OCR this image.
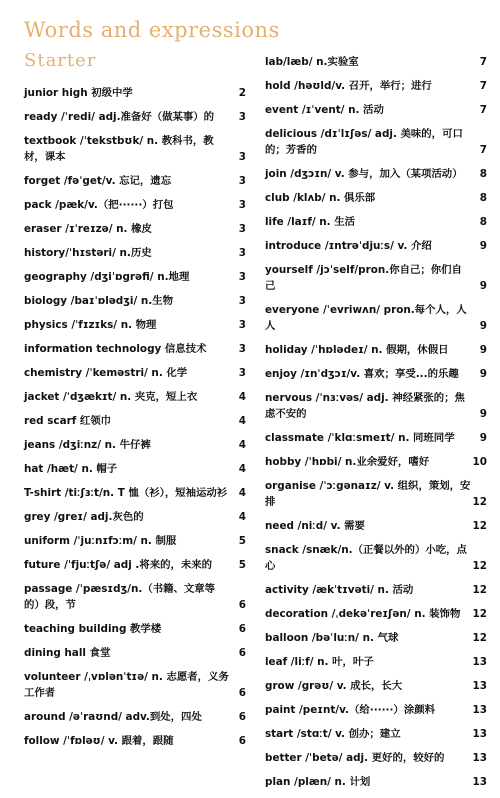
Words and expressions
Starter
junior high 初级中学	2
ready /ˈredi/ adj.准备好（做某事）的	3
textbook /ˈtekstbʊk/ n. 教科书，教材，课本	3
forget /fəˈget/v. 忘记，遗忘	3
pack /pæk/v.（把······）打包	3
eraser /ɪˈreɪzə/ n. 橡皮	3
history/ˈhɪstəri/ n.历史	3
geography /dʒiˈɒgrəfi/ n.地理	3
biology /baɪˈɒlədʒi/ n.生物	3
physics /ˈfɪzɪks/ n. 物理	3
information technology 信息技术	3
chemistry /ˈkeməstri/ n. 化学	3
jacket /ˈdʒækɪt/ n. 夹克，短上衣	4
red scarf 红领巾	4
jeans /dʒiːnz/ n. 牛仔裤	4
hat /hæt/ n. 帽子	4
T-shirt /tiːʃɜːt/n. T 恤（衫），短袖运动衫	4
grey /greɪ/ adj.灰色的	4
uniform /ˈjuːnɪfɔːm/ n. 制服	5
future /ˈfjuːtʃə/ adj .将来的，未来的	5
passage /ˈpæsɪdʒ/n.（书籍、文章等的）段，节	6
teaching building 教学楼	6
dining hall 食堂	6
volunteer /ˌvɒlənˈtɪə/ n. 志愿者，义务工作者	6
around /əˈraʊnd/ adv.到处，四处	6
follow /ˈfɒləʊ/ v. 跟着，跟随	6
lab/læb/ n.实验室	7
hold /həʊld/v. 召开，举行；进行	7
event /ɪˈvent/ n. 活动	7
delicious /dɪˈlɪʃəs/ adj. 美味的，可口的；芳香的	7
join /dʒɔɪn/ v. 参与，加入（某项活动）	8
club /klʌb/ n. 俱乐部	8
life /laɪf/ n. 生活	8
introduce /ɪntrəˈdjuːs/ v. 介绍	9
yourself /jɔˈself/pron.你自己；你们自己	9
everyone /ˈevriwʌn/ pron.每个人，人人	9
holiday /ˈhɒlədeɪ/ n. 假期，休假日	9
enjoy /ɪnˈdʒɔɪ/v. 喜欢；享受...的乐趣	9
nervous /ˈnɜːvəs/ adj. 神经紧张的；焦虑不安的	9
classmate /ˈklɑːsmeɪt/ n. 同班同学	9
hobby /ˈhɒbi/ n.业余爱好，嗜好	10
organise /ˈɔːgənaɪz/ v. 组织，策划，安排	12
need /niːd/ v. 需要	12
snack /snæk/n.（正餐以外的）小吃，点心	12
activity /ækˈtɪvəti/ n. 活动	12
decoration /ˌdekəˈreɪʃən/ n. 装饰物	12
balloon /bəˈluːn/ n. 气球	12
leaf /liːf/ n. 叶，叶子	13
grow /grəʊ/ v. 成长，长大	13
paint /peɪnt/v.（给······）涂颜料	13
start /stɑːt/ v. 创办；建立	13
better /ˈbetə/ adj. 更好的，较好的	13
plan /plæn/ n. 计划	13
